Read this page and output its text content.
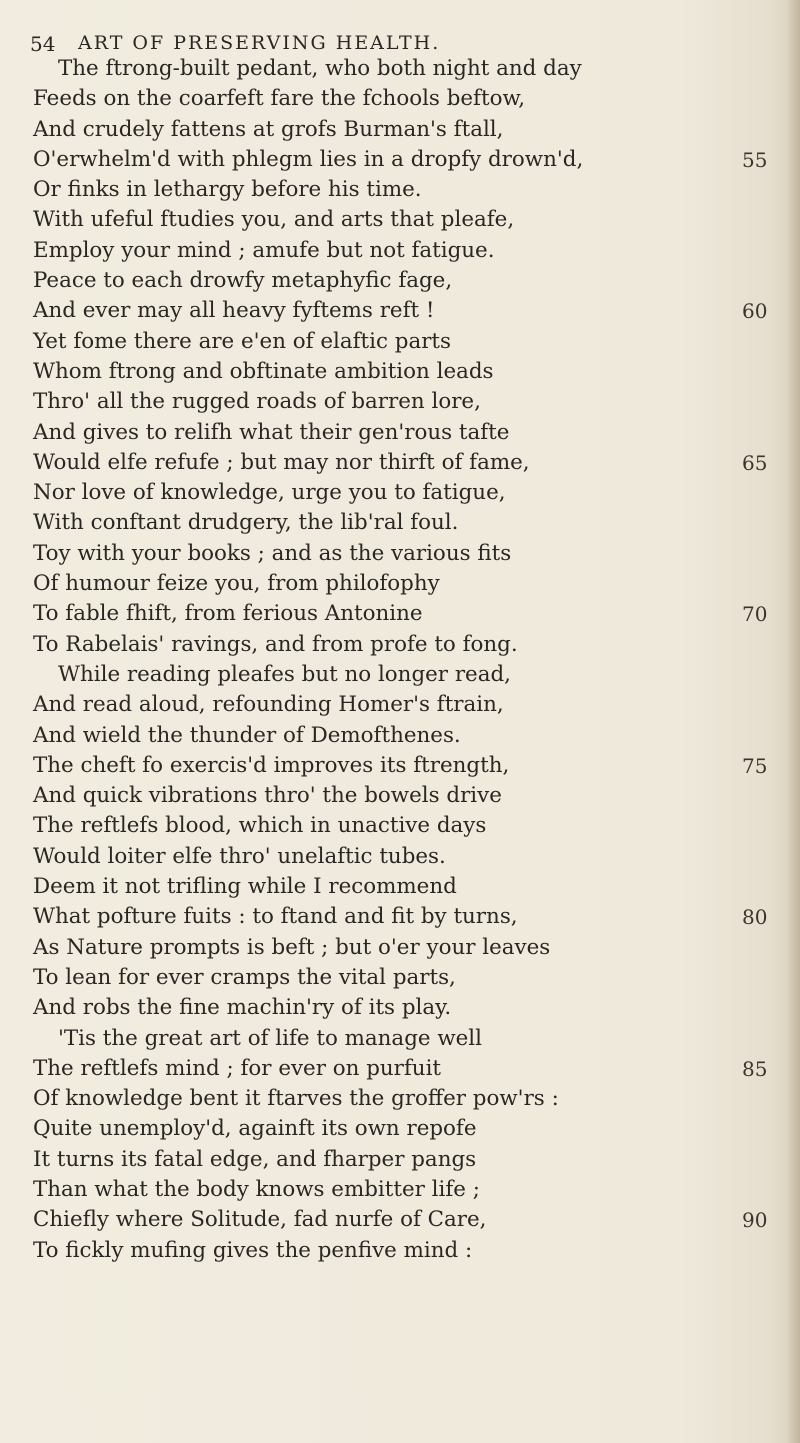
54 ART OF PRESERVING HEALTH.
The ftrong-built pedant, who both night and day
Feeds on the coarfeft fare the fchools beftow,
And crudely fattens at grofs Burman's ftall,
O'erwhelm'd with phlegm lies in a dropfy drown'd,	55
Or finks in lethargy before his time.
With ufeful ftudies you, and arts that pleafe,
Employ your mind ; amufe but not fatigue.
Peace to each drowfy metaphyfic fage,
And ever may all heavy fyftems reft !	60
Yet fome there are e'en of elaftic parts
Whom ftrong and obftinate ambition leads
Thro' all the rugged roads of barren lore,
And gives to relifh what their gen'rous tafte
Would elfe refufe ; but may nor thirft of fame,	65
Nor love of knowledge, urge you to fatigue,
With conftant drudgery, the lib'ral foul.
Toy with your books ; and as the various fits
Of humour feize you, from philofophy
To fable fhift, from ferious Antonine	70
To Rabelais' ravings, and from profe to fong.
While reading pleafes but no longer read,
And read aloud, refounding Homer's ftrain,
And wield the thunder of Demofthenes.
The cheft fo exercis'd improves its ftrength,	75
And quick vibrations thro' the bowels drive
The reftlefs blood, which in unactive days
Would loiter elfe thro' unelaftic tubes.
Deem it not trifling while I recommend
What pofture fuits : to ftand and fit by turns,	80
As Nature prompts is beft ; but o'er your leaves
To lean for ever cramps the vital parts,
And robs the fine machin'ry of its play.
'Tis the great art of life to manage well
The reftlefs mind ; for ever on purfuit	85
Of knowledge bent it ftarves the groffer pow'rs :
Quite unemploy'd, againft its own repofe
It turns its fatal edge, and fharper pangs
Than what the body knows embitter life ;
Chiefly where Solitude, fad nurfe of Care,	90
To fickly mufing gives the penfive mind :
